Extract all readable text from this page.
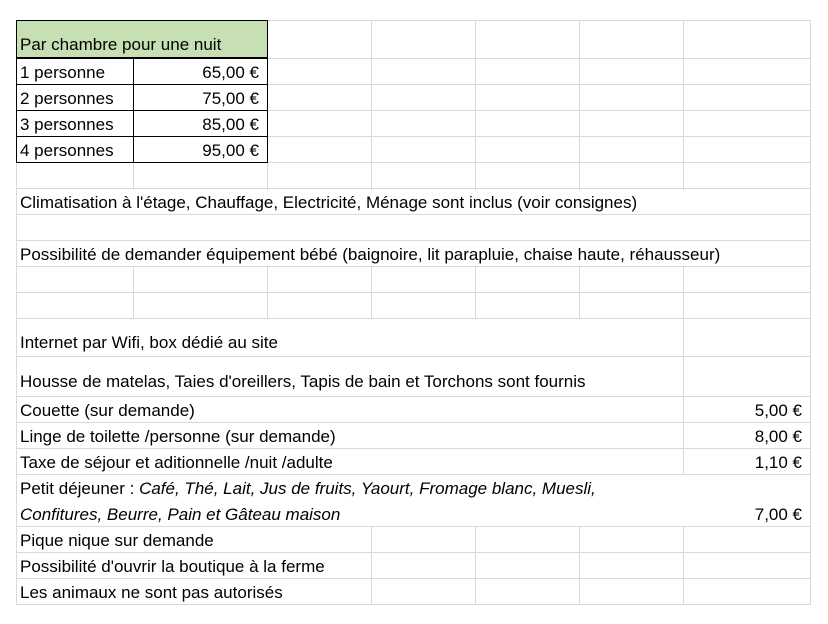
Par chambre pour une nuit
1 personne	65,00 €
2 personnes	75,00 €
3 personnes	85,00 €
4 personnes	95,00 €
Climatisation à l'étage, Chauffage, Electricité, Ménage sont inclus (voir consignes)
Possibilité de demander équipement bébé (baignoire, lit parapluie, chaise haute, réhausseur)
Internet par Wifi, box dédié au site
Housse de matelas, Taies d'oreillers, Tapis de bain et Torchons sont fournis
Couette (sur demande)	5,00 €
Linge de toilette /personne (sur demande)	8,00 €
Taxe de séjour et aditionnelle /nuit /adulte	1,10 €
Petit déjeuner : Café, Thé, Lait, Jus de fruits, Yaourt, Fromage blanc, Muesli,
Confitures, Beurre, Pain et Gâteau maison	7,00 €
Pique nique sur demande
Possibilité d'ouvrir la boutique à la ferme
Les animaux ne sont pas autorisés
